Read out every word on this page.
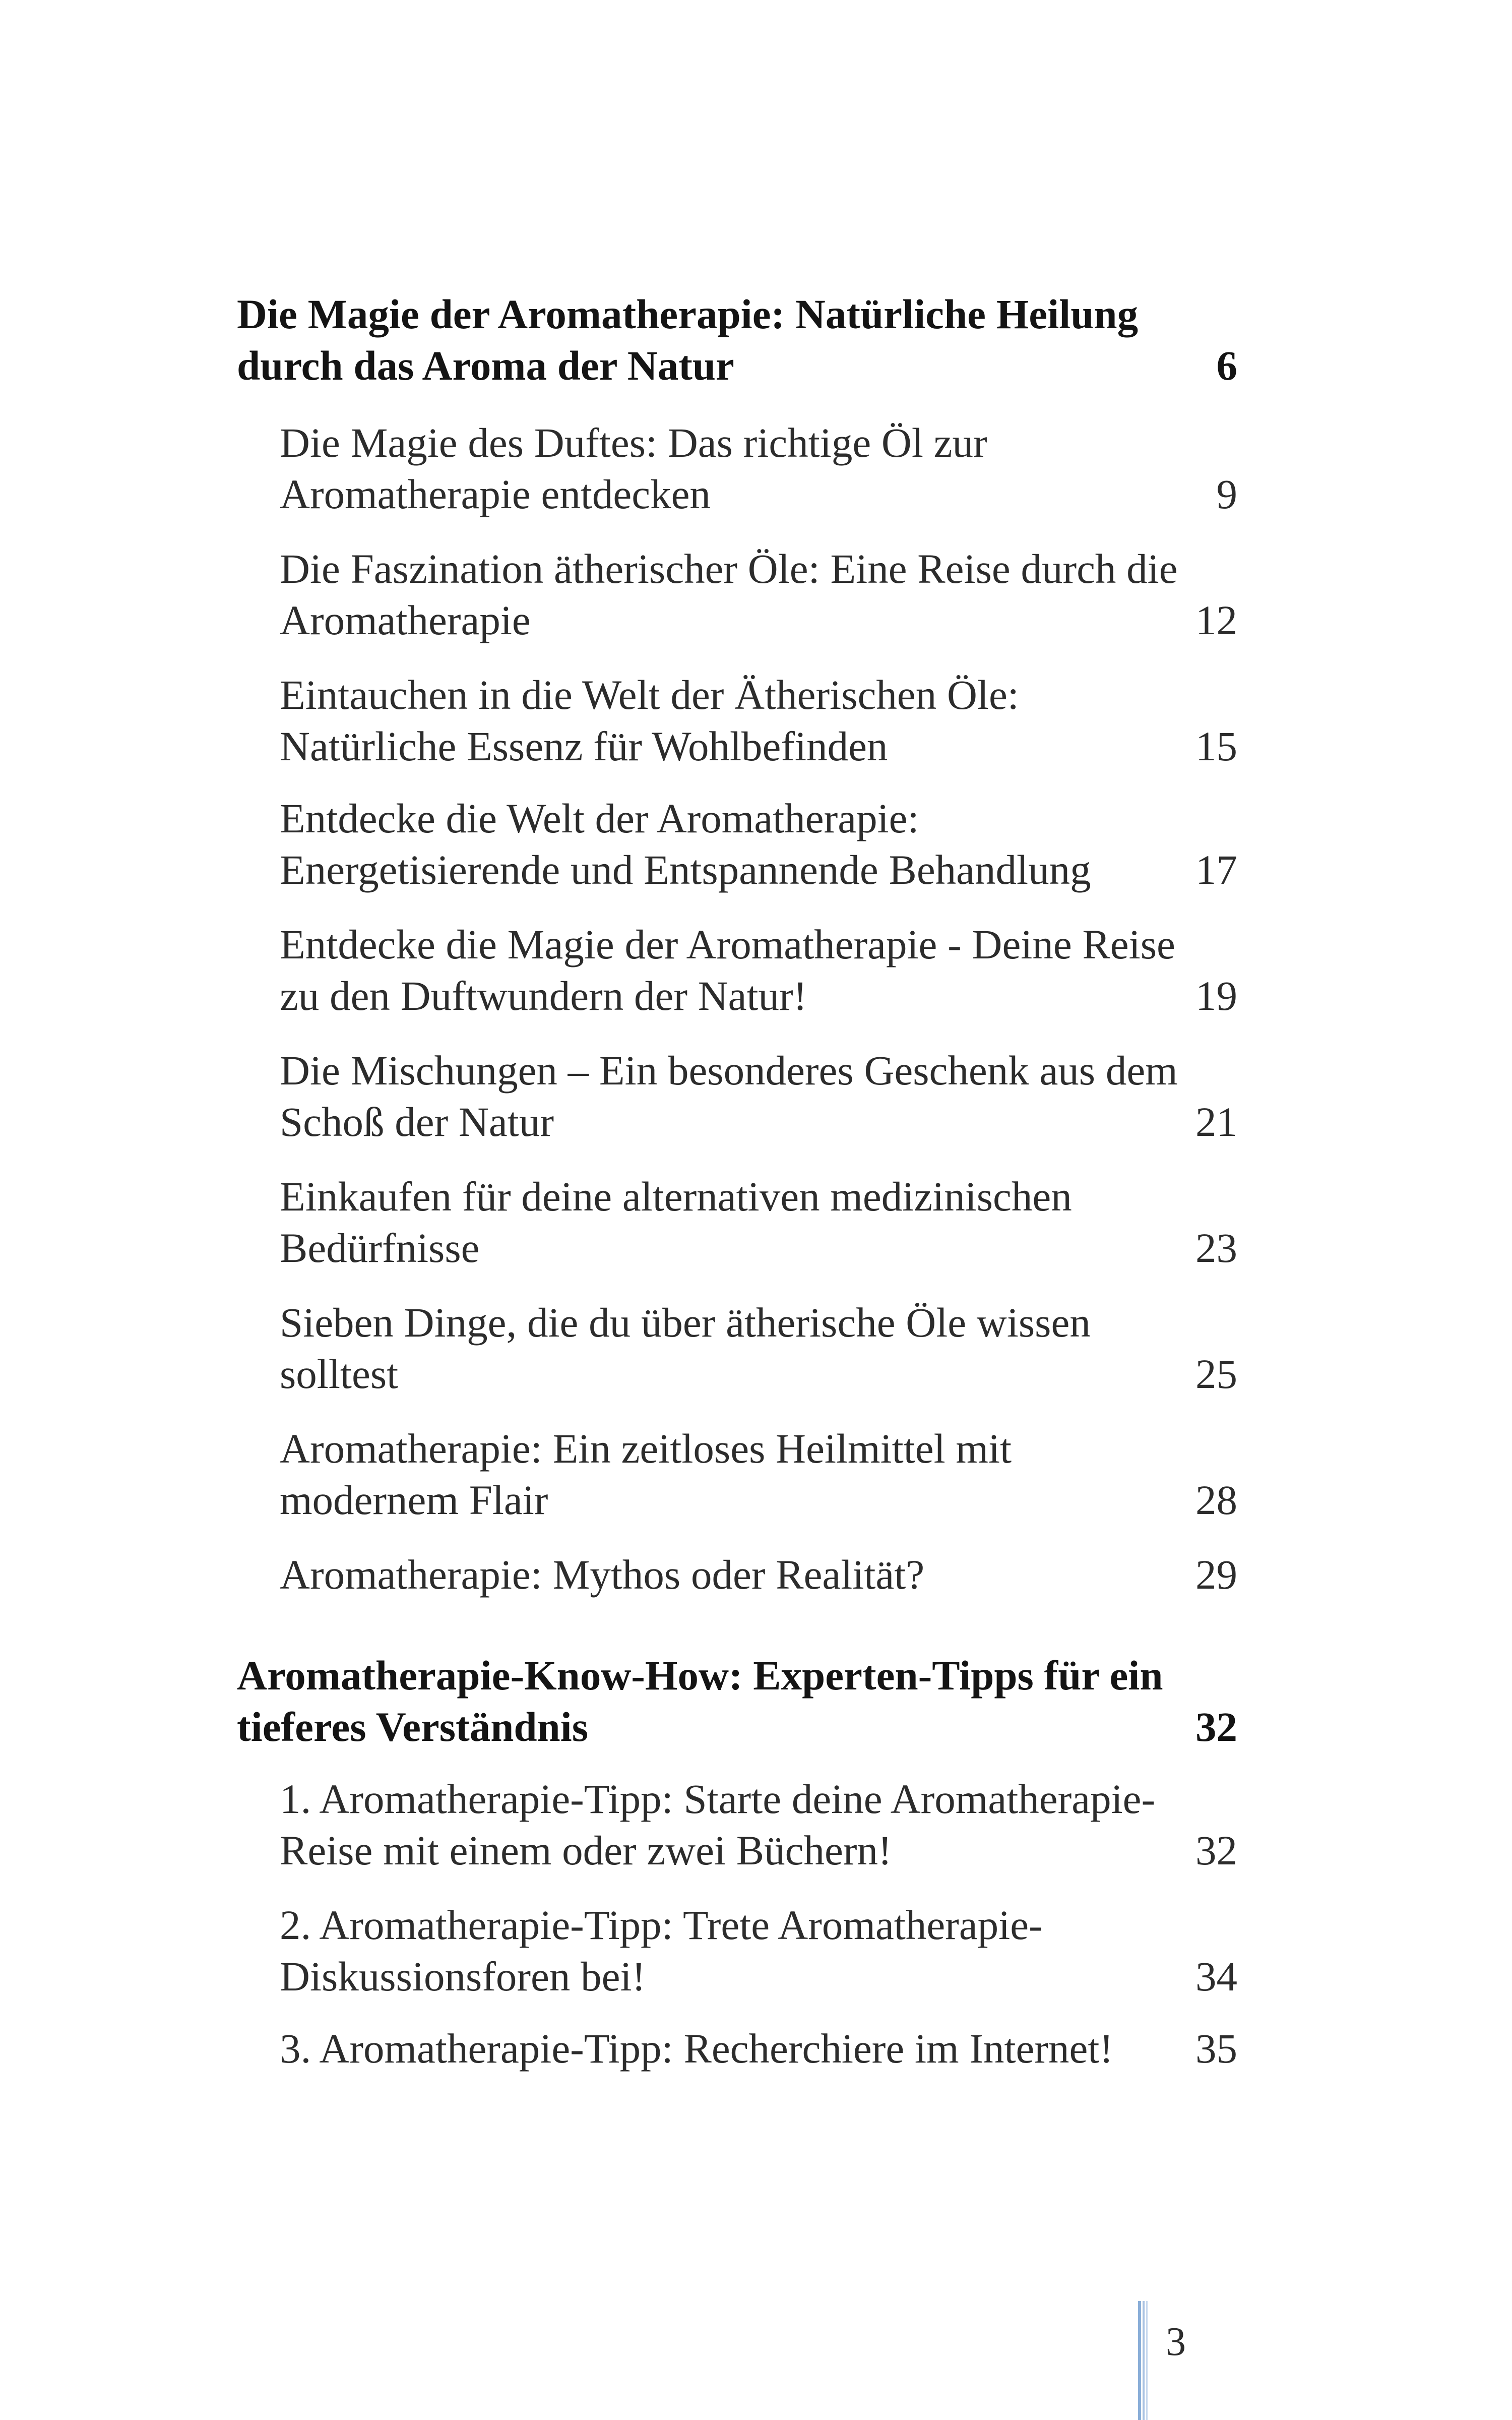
Die Magie der Aromatherapie: Natürliche Heilung
durch das Aroma der Natur	6
Die Magie des Duftes: Das richtige Öl zur
Aromatherapie entdecken	9
Die Faszination ätherischer Öle: Eine Reise durch die
Aromatherapie	12
Eintauchen in die Welt der Ätherischen Öle:
Natürliche Essenz für Wohlbefinden	15
Entdecke die Welt der Aromatherapie:
Energetisierende und Entspannende Behandlung 17
Entdecke die Magie der Aromatherapie - Deine Reise
zu den Duftwundern der Natur!	19
Die Mischungen – Ein besonderes Geschenk aus dem
Schoß der Natur	21
Einkaufen für deine alternativen medizinischen
Bedürfnisse	23
Sieben Dinge, die du über ätherische Öle wissen
solltest	25
Aromatherapie: Ein zeitloses Heilmittel mit
modernem Flair	28
Aromatherapie: Mythos oder Realität?	29
Aromatherapie-Know-How: Experten-Tipps für ein
tieferes Verständnis	32
1. Aromatherapie-Tipp: Starte deine Aromatherapie-
Reise mit einem oder zwei Büchern!	32
2. Aromatherapie-Tipp: Trete Aromatherapie-
Diskussionsforen bei!	34
3. Aromatherapie-Tipp: Recherchiere im Internet! 35
3
